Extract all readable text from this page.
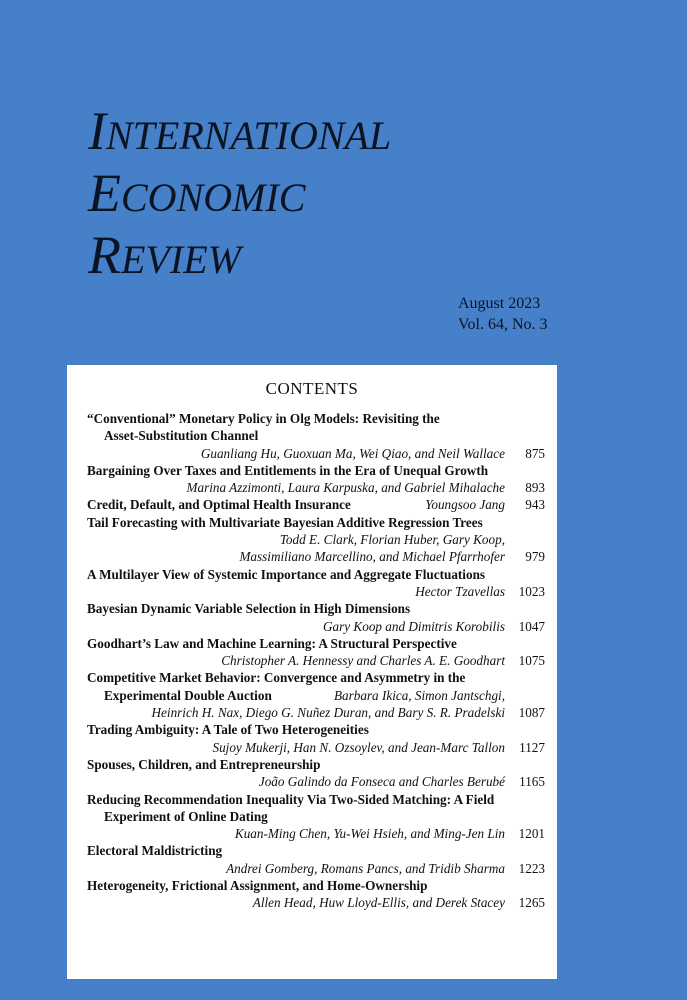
INTERNATIONAL
ECONOMIC
REVIEW
August 2023
Vol. 64, No. 3
CONTENTS
“Conventional” Monetary Policy in Olg Models: Revisiting the
Asset-Substitution Channel
Guanliang Hu, Guoxuan Ma, Wei Qiao, and Neil Wallace	875
Bargaining Over Taxes and Entitlements in the Era of Unequal Growth
Marina Azzimonti, Laura Karpuska, and Gabriel Mihalache	893
Credit, Default, and Optimal Health Insurance	Youngsoo Jang	943
Tail Forecasting with Multivariate Bayesian Additive Regression Trees
Todd E. Clark, Florian Huber, Gary Koop,
Massimiliano Marcellino, and Michael Pfarrhofer	979
A Multilayer View of Systemic Importance and Aggregate Fluctuations
Hector Tzavellas	1023
Bayesian Dynamic Variable Selection in High Dimensions
Gary Koop and Dimitris Korobilis	1047
Goodhart’s Law and Machine Learning: A Structural Perspective
Christopher A. Hennessy and Charles A. E. Goodhart	1075
Competitive Market Behavior: Convergence and Asymmetry in the
Experimental Double Auction	Barbara Ikica, Simon Jantschgi,
Heinrich H. Nax, Diego G. Nuñez Duran, and Bary S. R. Pradelski	1087
Trading Ambiguity: A Tale of Two Heterogeneities
Sujoy Mukerji, Han N. Ozsoylev, and Jean-Marc Tallon	1127
Spouses, Children, and Entrepreneurship
João Galindo da Fonseca and Charles Berubé	1165
Reducing Recommendation Inequality Via Two-Sided Matching: A Field
Experiment of Online Dating
Kuan-Ming Chen, Yu-Wei Hsieh, and Ming-Jen Lin	1201
Electoral Maldistricting
Andrei Gomberg, Romans Pancs, and Tridib Sharma	1223
Heterogeneity, Frictional Assignment, and Home-Ownership
Allen Head, Huw Lloyd-Ellis, and Derek Stacey	1265
